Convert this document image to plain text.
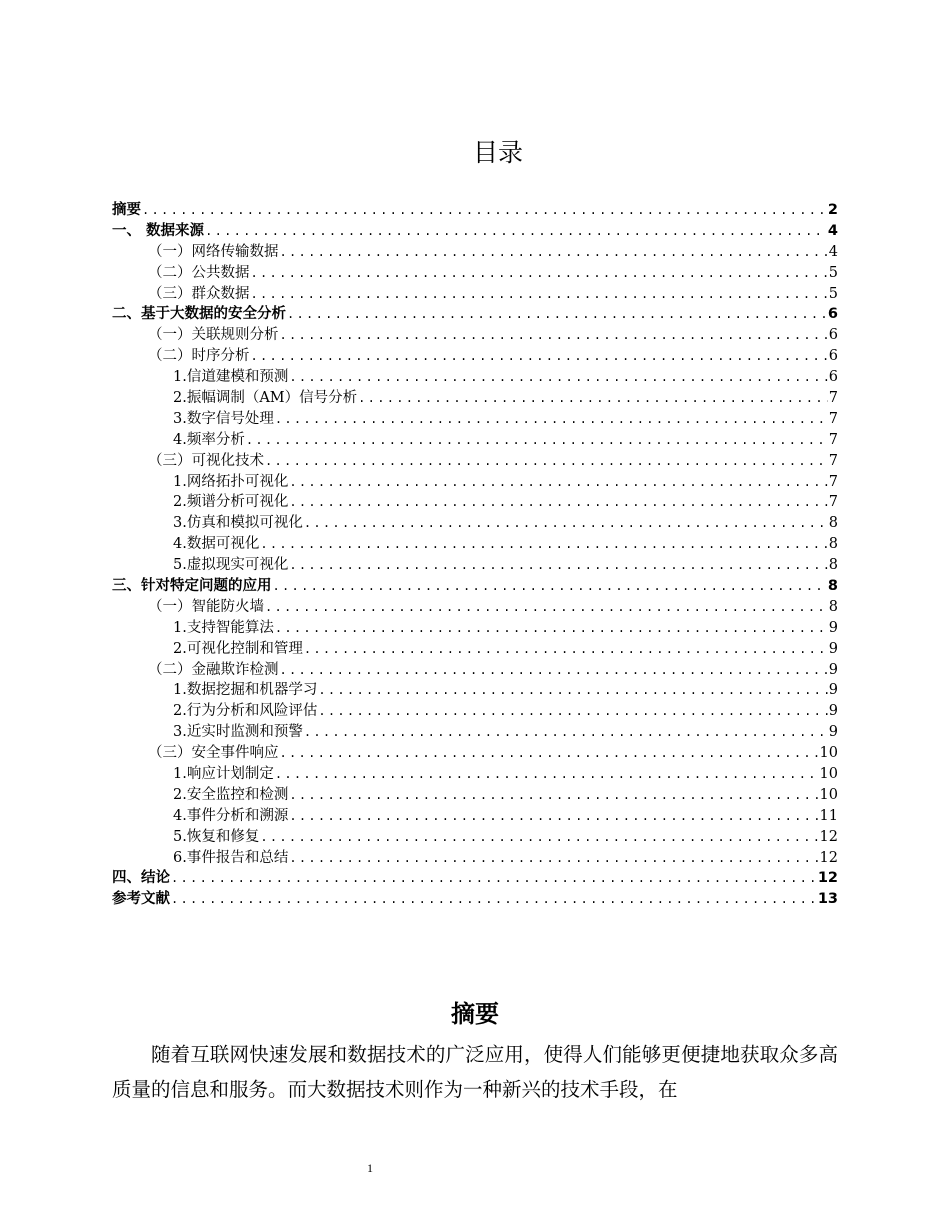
目录
摘要 .....	2
一、 数据来源 .....	4
（一）网络传输数据 .....	4
（二）公共数据 .....	5
（三）群众数据 .....	5
二、基于大数据的安全分析 .....	6
（一）关联规则分析 .....	6
（二）时序分析 .....	6
1.信道建模和预测 .....	6
2.振幅调制（AM）信号分析 .....	7
3.数字信号处理 .....	7
4.频率分析 .....	7
（三）可视化技术 .....	7
1.网络拓扑可视化 .....	7
2.频谱分析可视化 .....	7
3.仿真和模拟可视化 .....	8
4.数据可视化 .....	8
5.虚拟现实可视化 .....	8
三、针对特定问题的应用 .....	8
（一）智能防火墙 .....	8
1.支持智能算法 .....	9
2.可视化控制和管理 .....	9
（二）金融欺诈检测 .....	9
1.数据挖掘和机器学习 .....	9
2.行为分析和风险评估 .....	9
3.近实时监测和预警 .....	9
（三）安全事件响应 .....	10
1.响应计划制定 .....	10
2.安全监控和检测 .....	10
4.事件分析和溯源 .....	11
5.恢复和修复 .....	12
6.事件报告和总结 .....	12
四、结论 .....	12
参考文献 .....	13
摘要
随着互联网快速发展和数据技术的广泛应用，使得人们能够更便捷地获取众多高质量的信息和服务。而大数据技术则作为一种新兴的技术手段，在
1
